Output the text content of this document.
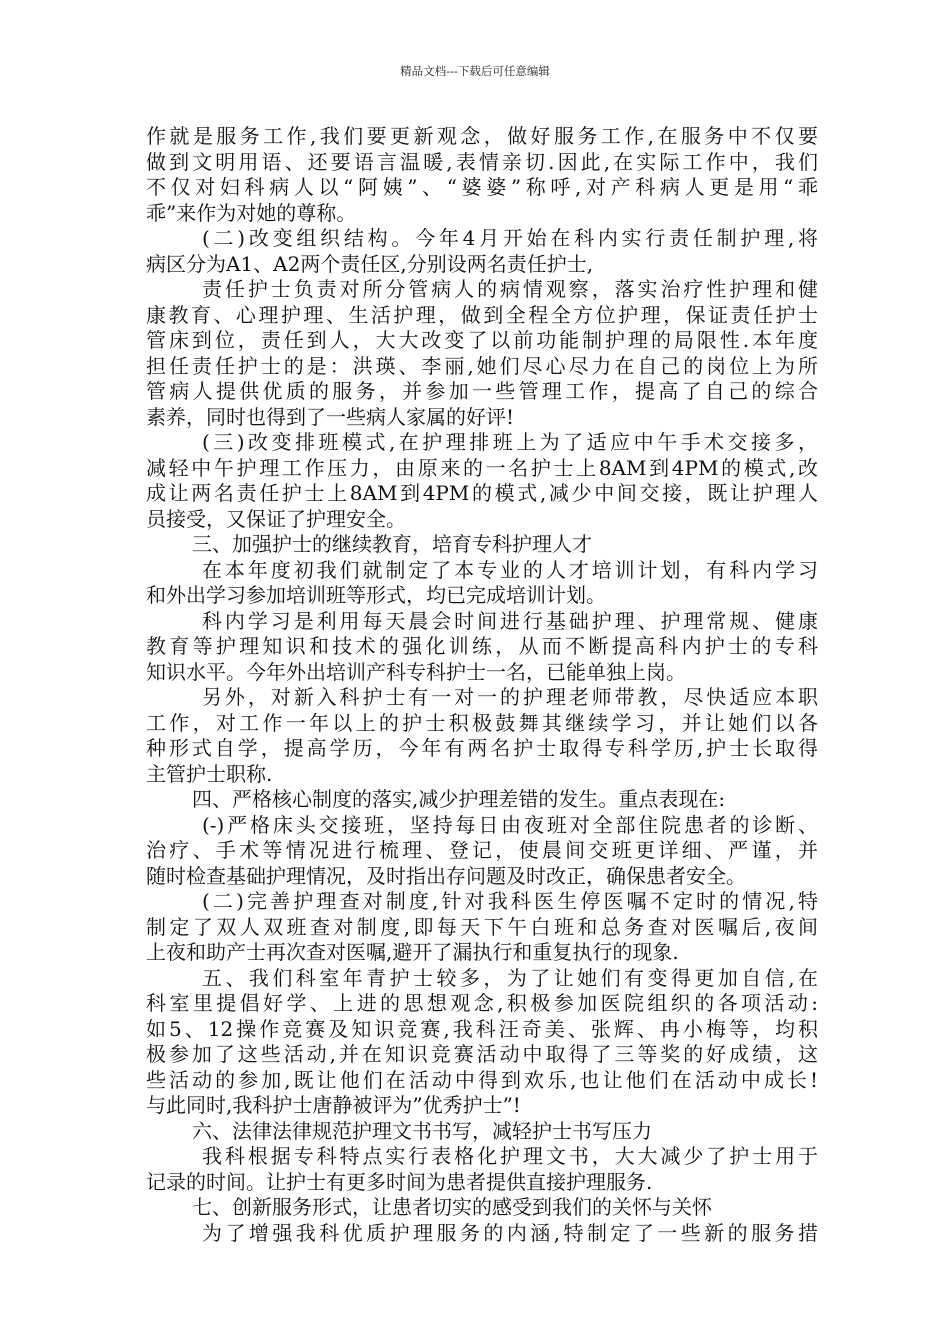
精品文档---下载后可任意编辑
作就是服务工作,我们要更新观念，做好服务工作,在服务中不仅要
做到文明用语、还要语言温暖,表情亲切.因此,在实际工作中，我们
不仅对妇科病人以“阿姨”、“婆婆”称呼,对产科病人更是用“乖
乖”来作为对她的尊称。
(二)改变组织结构。今年4月开始在科内实行责任制护理,将
病区分为A1、A2两个责任区,分别设两名责任护士,
责任护士负责对所分管病人的病情观察，落实治疗性护理和健
康教育、心理护理、生活护理，做到全程全方位护理，保证责任护士
管床到位，责任到人，大大改变了以前功能制护理的局限性.本年度
担任责任护士的是：洪瑛、李丽,她们尽心尽力在自己的岗位上为所
管病人提供优质的服务，并参加一些管理工作，提高了自己的综合
素养，同时也得到了一些病人家属的好评!
(三)改变排班模式,在护理排班上为了适应中午手术交接多，
减轻中午护理工作压力，由原来的一名护士上8AM到4PM的模式,改
成让两名责任护士上8AM到4PM的模式,减少中间交接，既让护理人
员接受，又保证了护理安全。
三、加强护士的继续教育，培育专科护理人才
在本年度初我们就制定了本专业的人才培训计划，有科内学习
和外出学习参加培训班等形式，均已完成培训计划。
科内学习是利用每天晨会时间进行基础护理、护理常规、健康
教育等护理知识和技术的强化训练，从而不断提高科内护士的专科
知识水平。今年外出培训产科专科护士一名，已能单独上岗。
另外，对新入科护士有一对一的护理老师带教，尽快适应本职
工作，对工作一年以上的护士积极鼓舞其继续学习，并让她们以各
种形式自学，提高学历，今年有两名护士取得专科学历,护士长取得
主管护士职称.
四、严格核心制度的落实,减少护理差错的发生。重点表现在:
(-)严格床头交接班，坚持每日由夜班对全部住院患者的诊断、
治疗、手术等情况进行梳理、登记，使晨间交班更详细、严谨，并
随时检查基础护理情况，及时指出存问题及时改正，确保患者安全。
(二)完善护理查对制度,针对我科医生停医嘱不定时的情况,特
制定了双人双班查对制度,即每天下午白班和总务查对医嘱后,夜间
上夜和助产士再次查对医嘱,避开了漏执行和重复执行的现象.
五、我们科室年青护士较多，为了让她们有变得更加自信,在
科室里提倡好学、上进的思想观念,积极参加医院组织的各项活动:
如5、12操作竞赛及知识竞赛,我科汪奇美、张辉、冉小梅等，均积
极参加了这些活动,并在知识竞赛活动中取得了三等奖的好成绩，这
些活动的参加,既让他们在活动中得到欢乐,也让他们在活动中成长!
与此同时,我科护士唐静被评为”优秀护士”!
六、法律法律规范护理文书书写，减轻护士书写压力
我科根据专科特点实行表格化护理文书，大大减少了护士用于
记录的时间。让护士有更多时间为患者提供直接护理服务.
七、创新服务形式，让患者切实的感受到我们的关怀与关怀
为了增强我科优质护理服务的内涵,特制定了一些新的服务措
